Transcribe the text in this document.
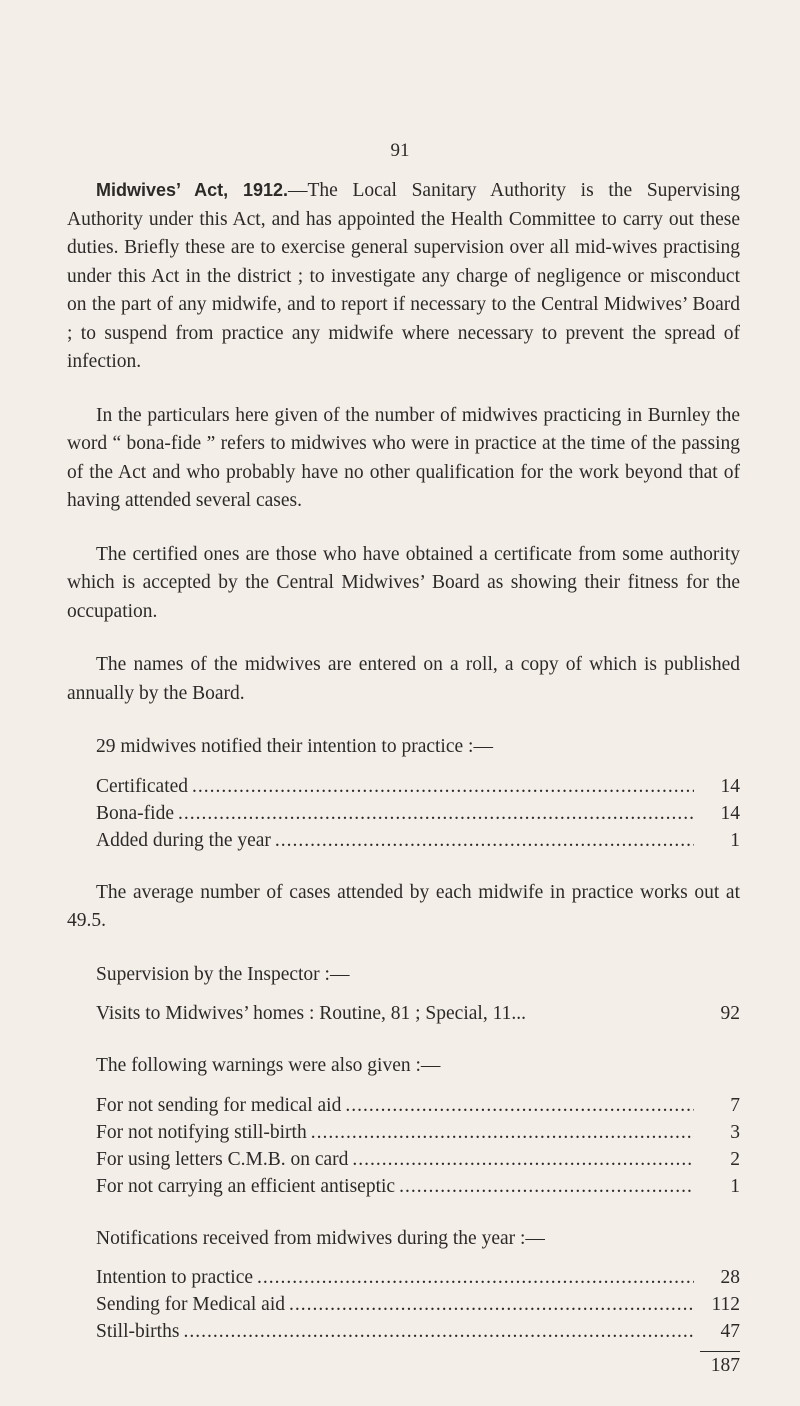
91

Midwives’ Act, 1912.—The Local Sanitary Authority is the Supervising Authority under this Act, and has appointed the Health Committee to carry out these duties. Briefly these are to exercise general supervision over all mid-wives practising under this Act in the district ; to investigate any charge of negligence or misconduct on the part of any midwife, and to report if necessary to the Central Midwives’ Board ; to suspend from practice any midwife where necessary to prevent the spread of infection.

In the particulars here given of the number of midwives practicing in Burnley the word “ bona-fide ” refers to midwives who were in practice at the time of the passing of the Act and who probably have no other qualification for the work beyond that of having attended several cases.

The certified ones are those who have obtained a certificate from some authority which is accepted by the Central Midwives’ Board as showing their fitness for the occupation.

The names of the midwives are entered on a roll, a copy of which is published annually by the Board.

29 midwives notified their intention to practice :—

Certificated .....	14
Bona-fide .....	14
Added during the year .....	1

The average number of cases attended by each midwife in practice works out at 49.5.

Supervision by the Inspector :—

Visits to Midwives’ homes : Routine, 81 ; Special, 11...	92

The following warnings were also given :—

For not sending for medical aid .....	7
For not notifying still-birth .....	3
For using letters C.M.B. on card .....	2
For not carrying an efficient antiseptic .....	1

Notifications received from midwives during the year :—

Intention to practice .....	28
Sending for Medical aid .....	112
Still-births .....	47
187
